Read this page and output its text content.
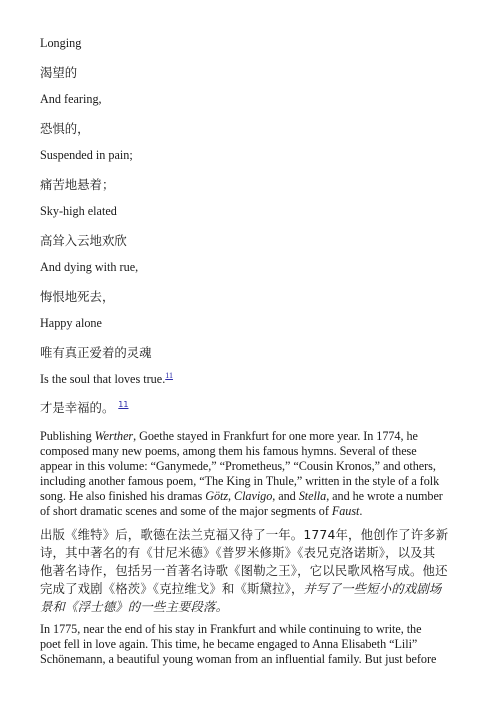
Longing
渴望的
And fearing,
恐惧的，
Suspended in pain;
痛苦地悬着；
Sky-high elated
高耸入云地欢欣
And dying with rue,
悔恨地死去，
Happy alone
唯有真正爱着的灵魂
Is the soul that loves true.$^{11}$
才是幸福的。 $^{11}$

Publishing Werther, Goethe stayed in Frankfurt for one more year. In 1774, he

composed many new poems, among them his famous hymns. Several of these

appear in this volume: “Ganymede,” “Prometheus,” “Cousin Kronos,” and others,

including another famous poem, “The King in Thule,” written in the style of a folk

song. He also finished his dramas Götz, Clavigo, and Stella, and he wrote a number

of short dramatic scenes and some of the major segments of Faust.

出版《维特》后，歌德在法兰克福又待了一年。1774年，他创作了许多新

诗，其中著名的有《甘尼米德》《普罗米修斯》《表兄克洛诺斯》，以及其

他著名诗作，包括另一首著名诗歌《图勒之王》，它以民歌风格写成。他还

完成了戏剧《格茨》《克拉维戈》和《斯黛拉》，并写了一些短小的戏剧场

景和《浮士德》的一些主要段落。

In 1775, near the end of his stay in Frankfurt and while continuing to write, the

poet fell in love again. This time, he became engaged to Anna Elisabeth “Lili”

Schönemann, a beautiful young woman from an influential family. But just before
